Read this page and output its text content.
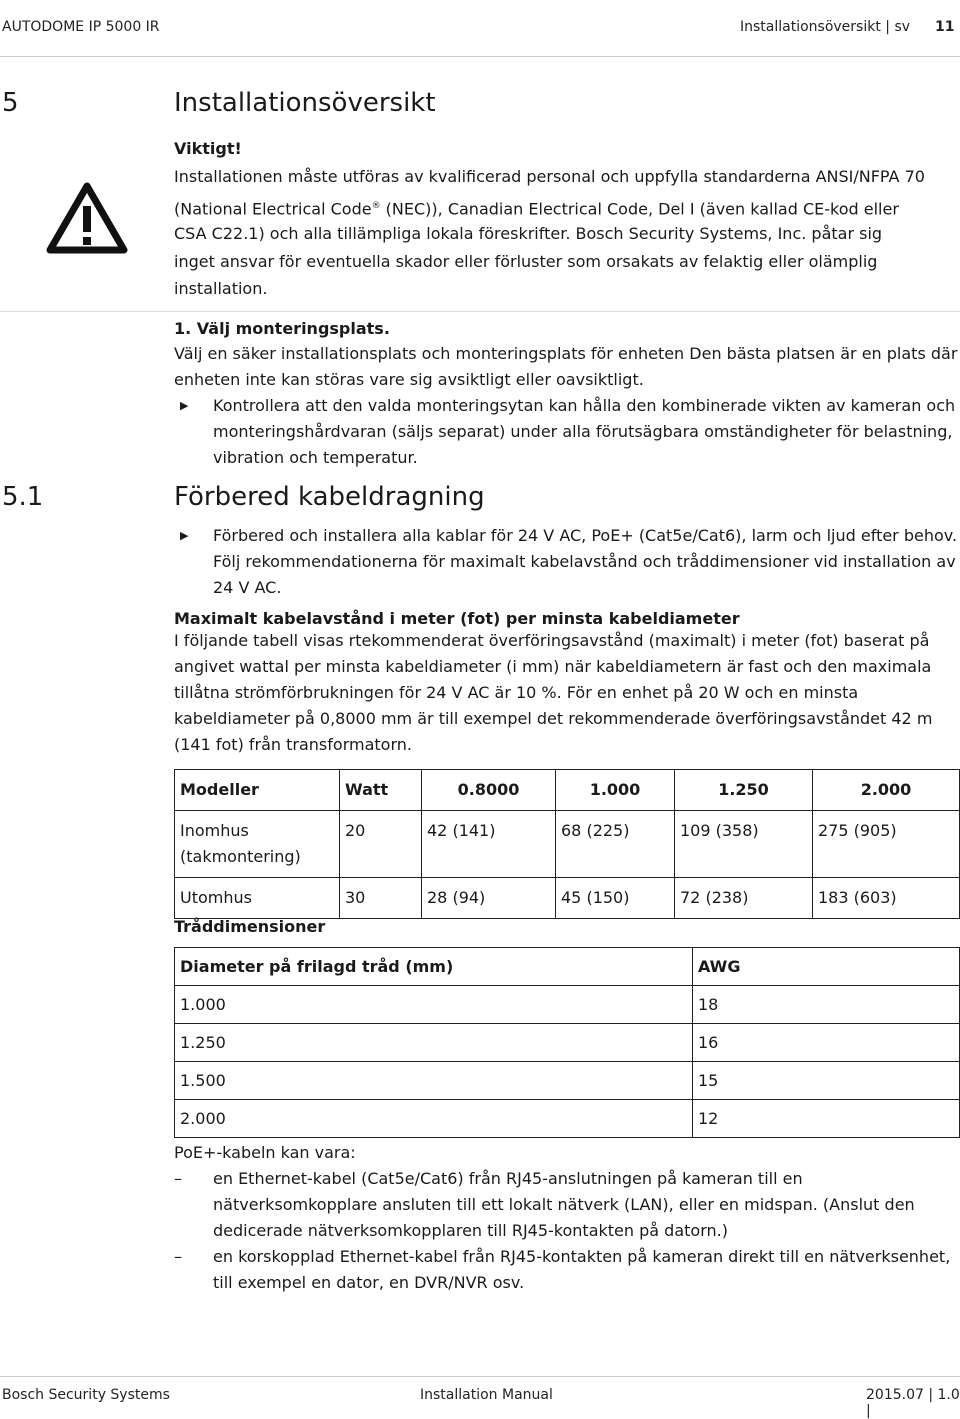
AUTODOME IP 5000 IR	Installationsöversikt | sv 11
5	Installationsöversikt
Viktigt!
Installationen måste utföras av kvalificerad personal och uppfylla standarderna ANSI/NFPA 70
(National Electrical Code® (NEC)), Canadian Electrical Code, Del I (även kallad CE-kod eller
CSA C22.1) och alla tillämpliga lokala föreskrifter. Bosch Security Systems, Inc. påtar sig
inget ansvar för eventuella skador eller förluster som orsakats av felaktig eller olämplig
installation.
1. Välj monteringsplats.
Välj en säker installationsplats och monteringsplats för enheten Den bästa platsen är en plats där enheten inte kan störas vare sig avsiktligt eller oavsiktligt.
▶ Kontrollera att den valda monteringsytan kan hålla den kombinerade vikten av kameran och monteringshårdvaran (säljs separat) under alla förutsägbara omständigheter för belastning, vibration och temperatur.
5.1	Förbered kabeldragning
▶ Förbered och installera alla kablar för 24 V AC, PoE+ (Cat5e/Cat6), larm och ljud efter behov. Följ rekommendationerna för maximalt kabelavstånd och tråddimensioner vid installation av 24 V AC.
Maximalt kabelavstånd i meter (fot) per minsta kabeldiameter
I följande tabell visas rtekommenderat överföringsavstånd (maximalt) i meter (fot) baserat på angivet wattal per minsta kabeldiameter (i mm) när kabeldiametern är fast och den maximala tillåtna strömförbrukningen för 24 V AC är 10 %. För en enhet på 20 W och en minsta kabeldiameter på 0,8000 mm är till exempel det rekommenderade överföringsavståndet 42 m (141 fot) från transformatorn.
Modeller	Watt	0.8000	1.000	1.250	2.000
Inomhus (takmontering)	20	42 (141)	68 (225)	109 (358)	275 (905)
Utomhus	30	28 (94)	45 (150)	72 (238)	183 (603)
Tråddimensioner
Diameter på frilagd tråd (mm)	AWG
1.000	18
1.250	16
1.500	15
2.000	12
PoE+-kabeln kan vara:
– en Ethernet-kabel (Cat5e/Cat6) från RJ45-anslutningen på kameran till en nätverksomkopplare ansluten till ett lokalt nätverk (LAN), eller en midspan. (Anslut den dedicerade nätverksomkopplaren till RJ45-kontakten på datorn.)
– en korskopplad Ethernet-kabel från RJ45-kontakten på kameran direkt till en nätverksenhet, till exempel en dator, en DVR/NVR osv.
Bosch Security Systems	Installation Manual	2015.07 | 1.0 |
